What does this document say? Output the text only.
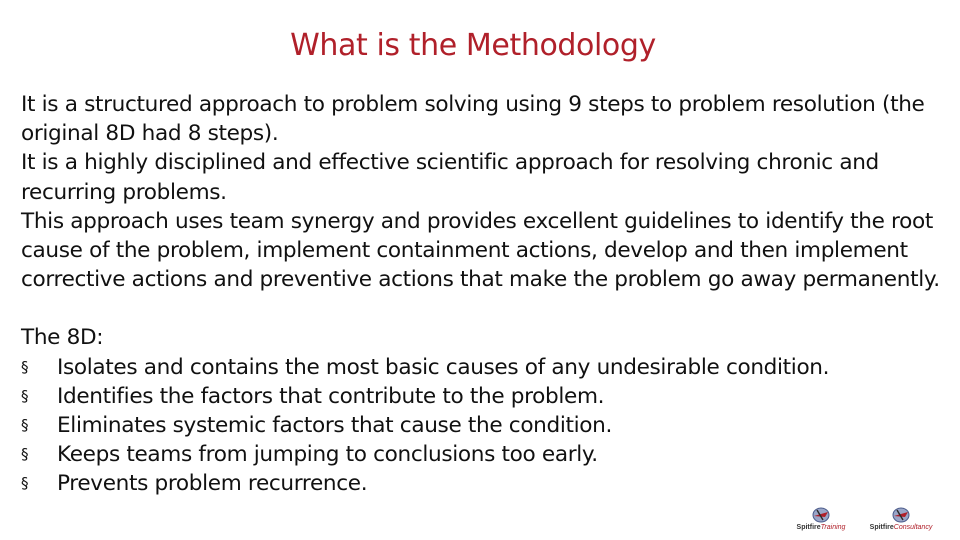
What is the Methodology

It is a structured approach to problem solving using 9 steps to problem resolution (the original 8D had 8 steps).

It is a highly disciplined and effective scientific approach for resolving chronic and recurring problems.

This approach uses team synergy and provides excellent guidelines to identify the root cause of the problem, implement containment actions, develop and then implement corrective actions and preventive actions that make the problem go away permanently.

The 8D:

§	Isolates and contains the most basic causes of any undesirable condition.
§	Identifies the factors that contribute to the problem.
§	Eliminates systemic factors that cause the condition.
§	Keeps teams from jumping to conclusions too early.
§	Prevents problem recurrence.
SpitfireTraining	SpitfireConsultancy
